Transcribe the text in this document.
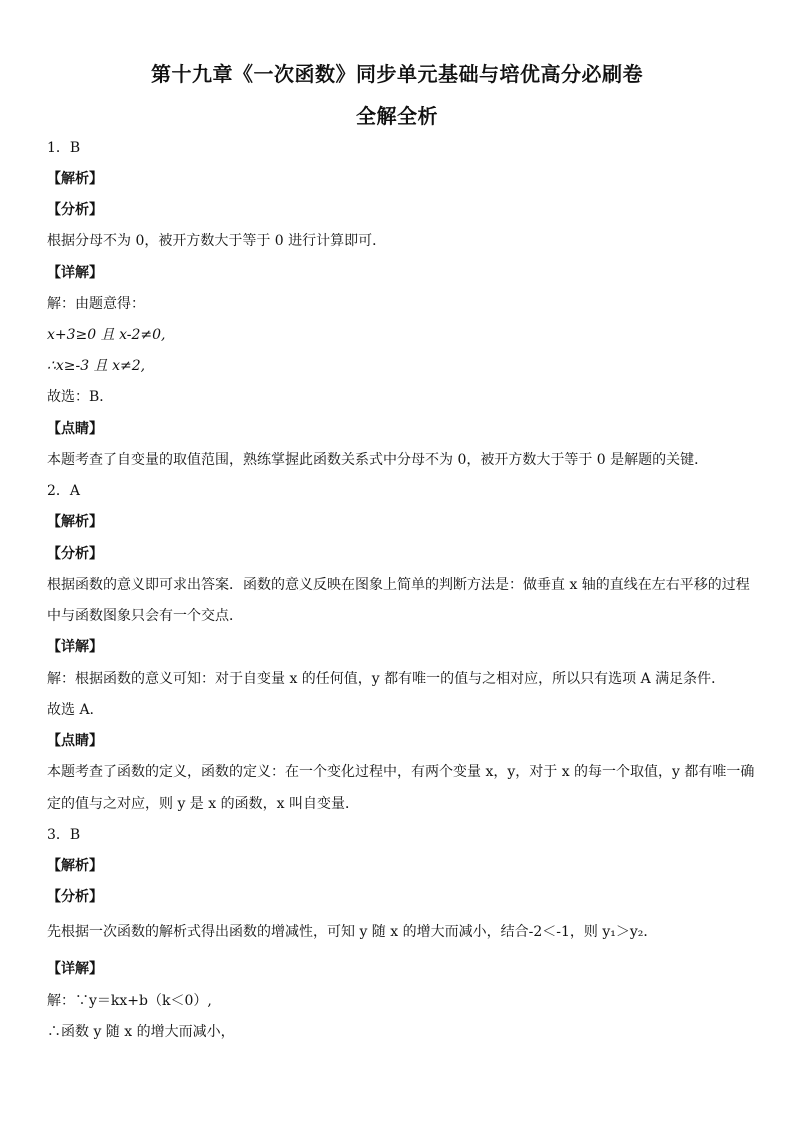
第十九章《一次函数》同步单元基础与培优高分必刷卷
全解全析
1．B
【解析】
【分析】
根据分母不为 0，被开方数大于等于 0 进行计算即可．
【详解】
解：由题意得：
x+3≥0 且 x-2≠0,
∴x≥-3 且 x≠2,
故选：B．
【点睛】
本题考查了自变量的取值范围，熟练掌握此函数关系式中分母不为 0，被开方数大于等于 0 是解题的关键．
2．A
【解析】
【分析】
根据函数的意义即可求出答案．函数的意义反映在图象上简单的判断方法是：做垂直 x 轴的直线在左右平移的过程
中与函数图象只会有一个交点．
【详解】
解：根据函数的意义可知：对于自变量 x 的任何值，y 都有唯一的值与之相对应，所以只有选项 A 满足条件．
故选 A.
【点睛】
本题考查了函数的定义，函数的定义：在一个变化过程中，有两个变量 x，y，对于 x 的每一个取值，y 都有唯一确
定的值与之对应，则 y 是 x 的函数，x 叫自变量．
3．B
【解析】
【分析】
先根据一次函数的解析式得出函数的增减性，可知 y 随 x 的增大而减小，结合-2＜-1，则 y₁＞y₂．
【详解】
解：∵y＝kx+b（k＜0）,
∴函数 y 随 x 的增大而减小，
